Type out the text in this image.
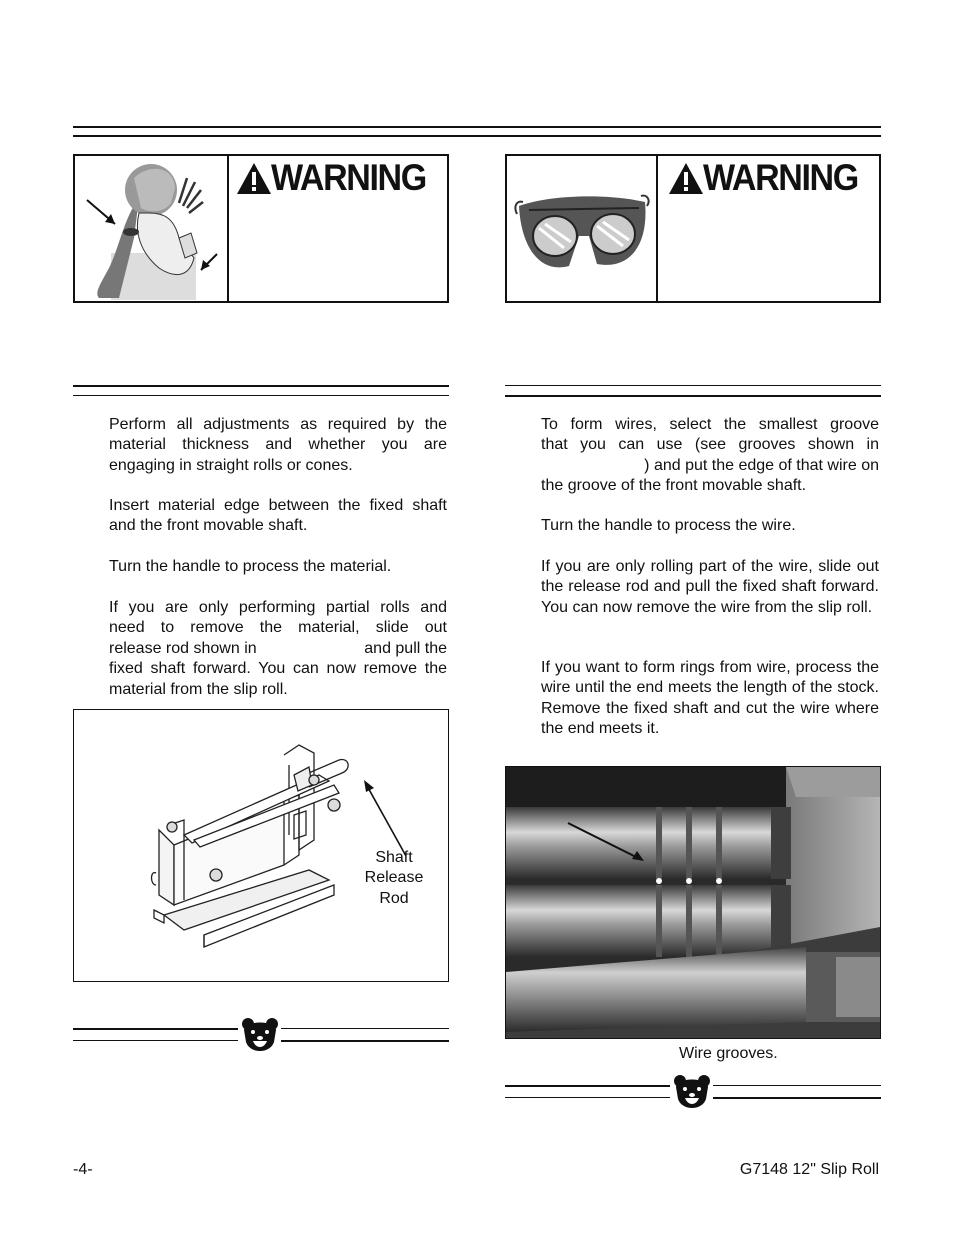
WARNING	WARNING

Perform all adjustments as required by the material thickness and whether you are engaging in straight rolls or cones.

Insert material edge between the fixed shaft and the front movable shaft.

Turn the handle to process the material.

If you are only performing partial rolls and
need to remove the material, slide out
release rod shown in	and pull the
fixed shaft forward. You can now remove the
material from the slip roll.
Shaft
Release
Rod
To form wires, select the smallest groove
that you can use (see grooves shown in
) and put the edge of that wire on
the groove of the front movable shaft.

Turn the handle to process the wire.

If you are only rolling part of the wire, slide out the release rod and pull the fixed shaft forward. You can now remove the wire from the slip roll.

If you want to form rings from wire, process the wire until the end meets the length of the stock. Remove the fixed shaft and cut the wire where the end meets it.

Wire grooves.
-4-	G7148 12" Slip Roll
